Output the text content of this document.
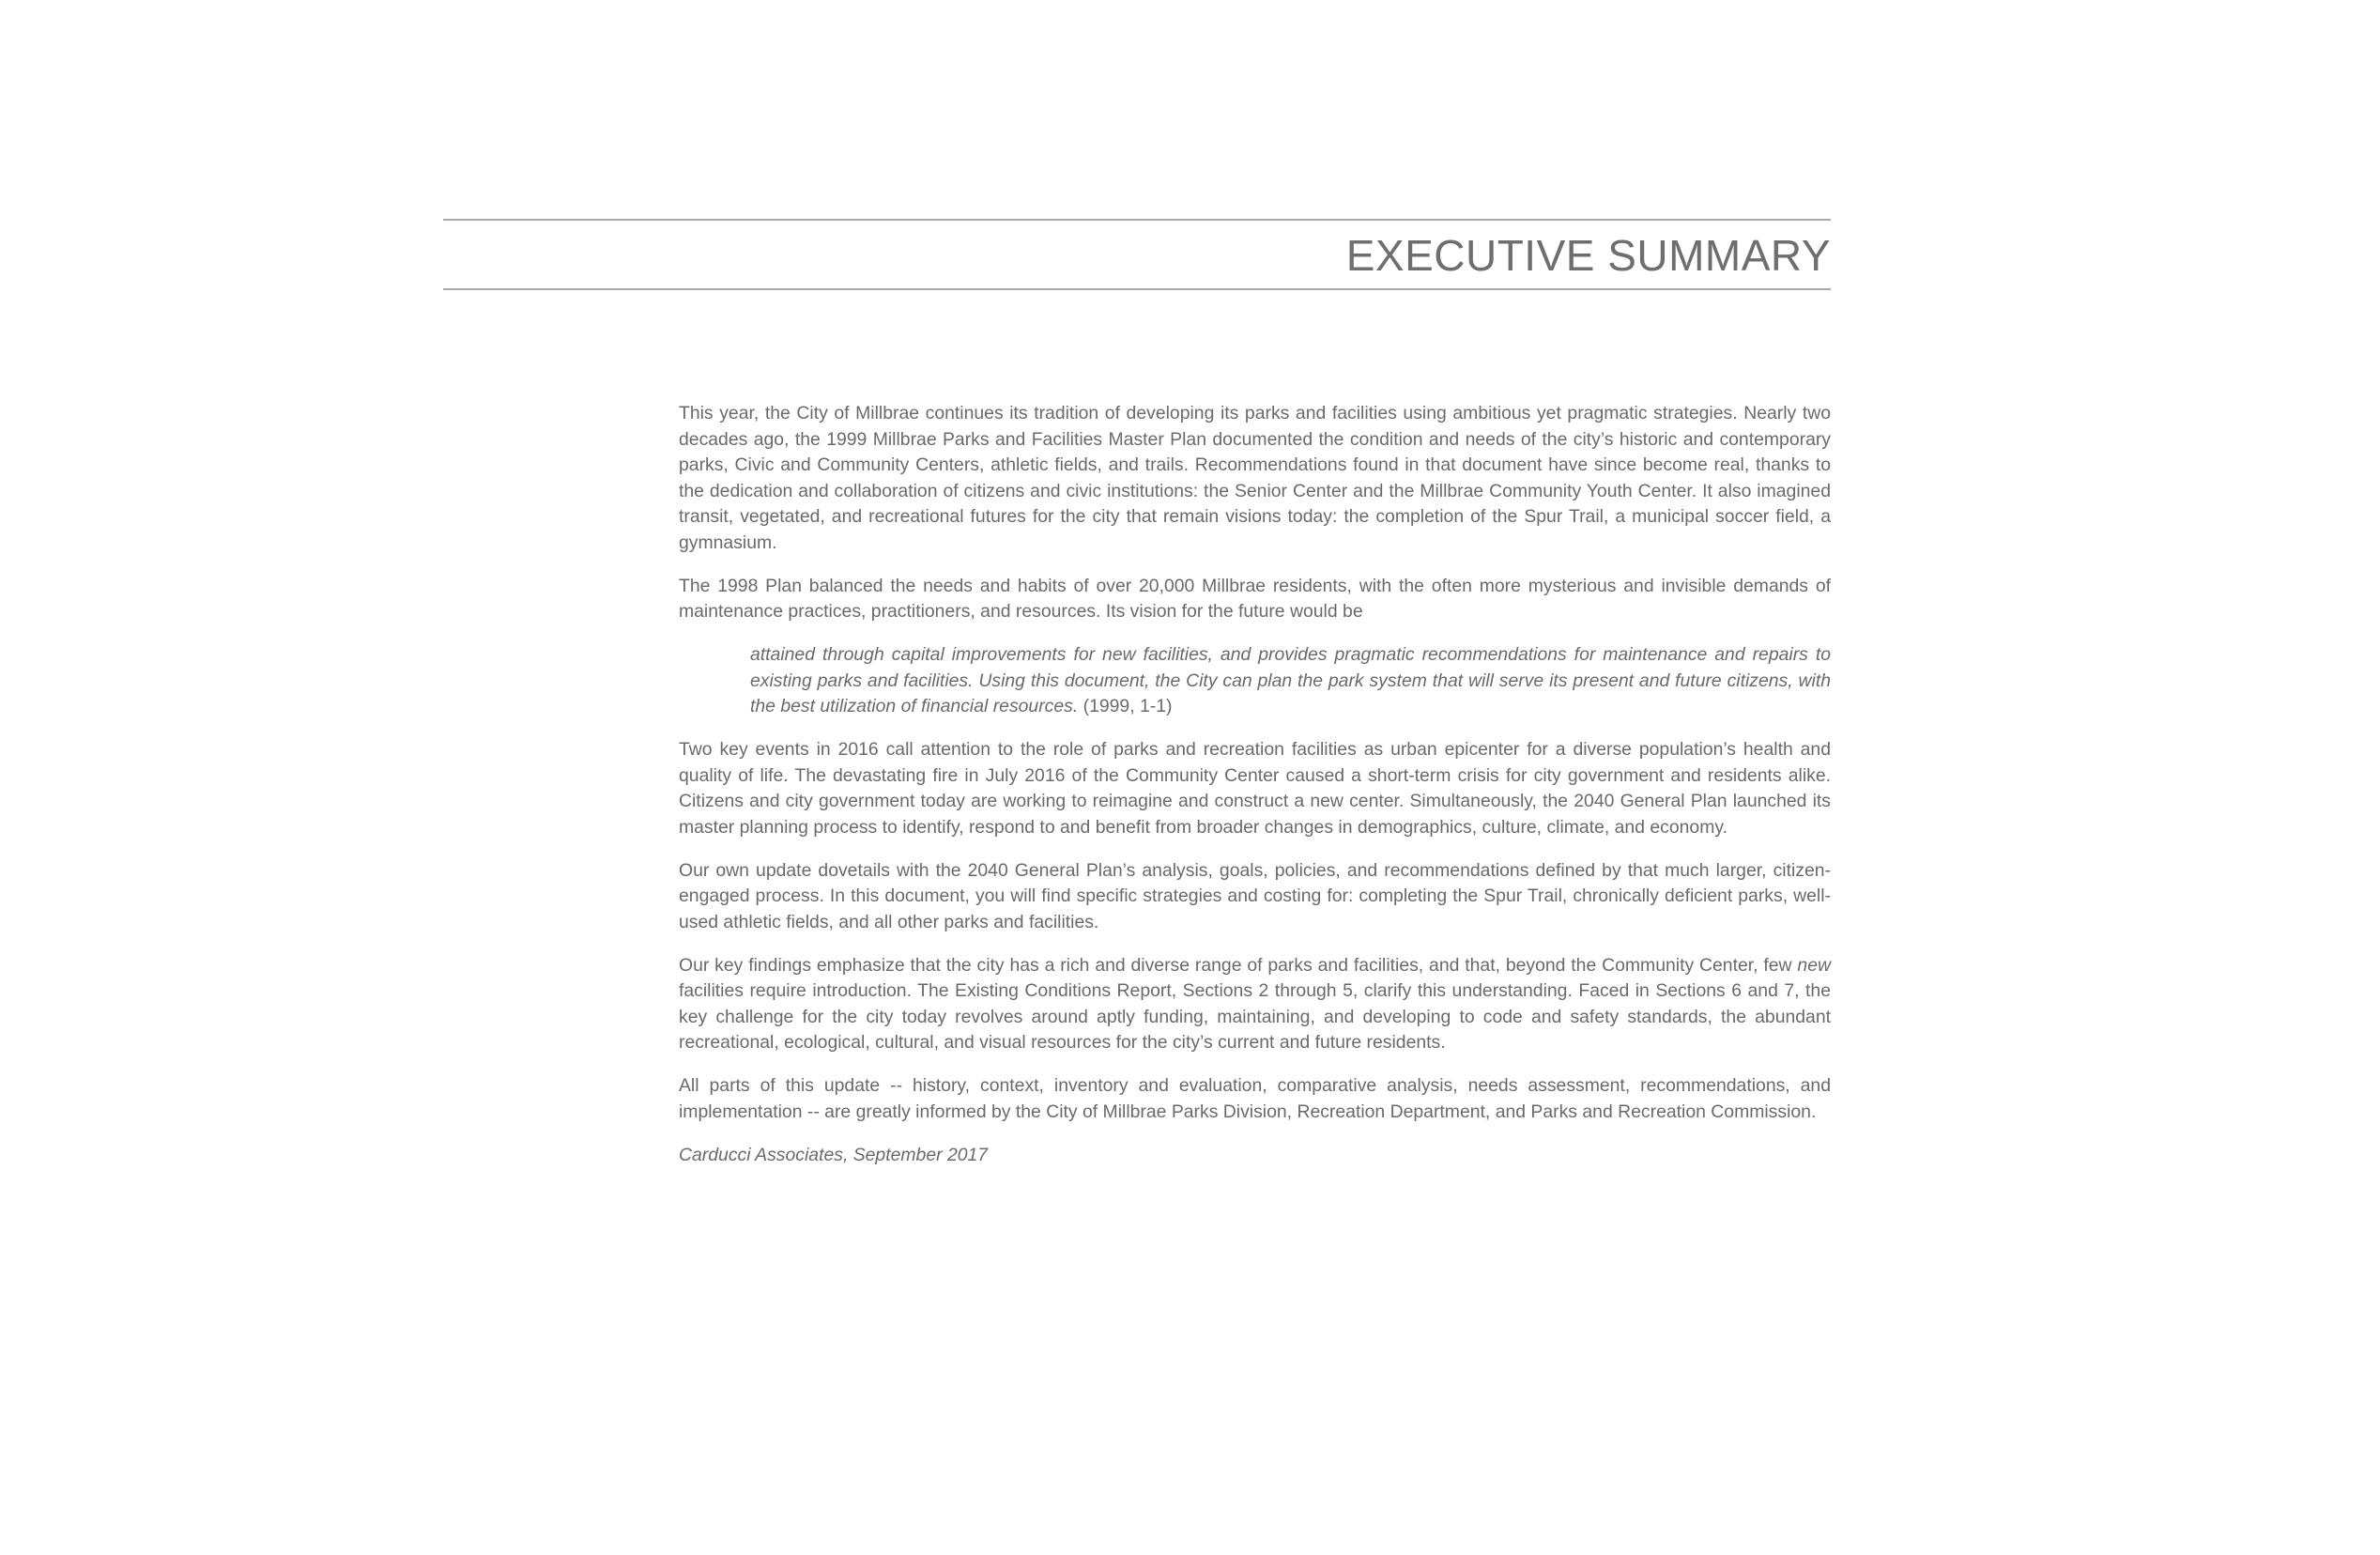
EXECUTIVE SUMMARY

This year, the City of Millbrae continues its tradition of developing its parks and facilities using ambitious yet pragmatic strategies. Nearly two decades ago, the 1999 Millbrae Parks and Facilities Master Plan documented the condition and needs of the city’s historic and contemporary parks, Civic and Community Centers, athletic fields, and trails. Recommendations found in that document have since become real, thanks to the dedication and collaboration of citizens and civic institutions: the Senior Center and the Millbrae Community Youth Center. It also imagined transit, vegetated, and recreational futures for the city that remain visions today: the completion of the Spur Trail, a municipal soccer field, a gymnasium.

The 1998 Plan balanced the needs and habits of over 20,000 Millbrae residents, with the often more mysterious and invisible demands of maintenance practices, practitioners, and resources. Its vision for the future would be

attained through capital improvements for new facilities, and provides pragmatic recommendations for maintenance and repairs to existing parks and facilities. Using this document, the City can plan the park system that will serve its present and future citizens, with the best utilization of financial resources. (1999, 1-1)

Two key events in 2016 call attention to the role of parks and recreation facilities as urban epicenter for a diverse population’s health and quality of life. The devastating fire in July 2016 of the Community Center caused a short-term crisis for city government and residents alike. Citizens and city government today are working to reimagine and construct a new center. Simultaneously, the 2040 General Plan launched its master planning process to identify, respond to and benefit from broader changes in demographics, culture, climate, and economy.

Our own update dovetails with the 2040 General Plan’s analysis, goals, policies, and recommendations defined by that much larger, citizen-engaged process. In this document, you will find specific strategies and costing for: completing the Spur Trail, chronically deficient parks, well-used athletic fields, and all other parks and facilities.

Our key findings emphasize that the city has a rich and diverse range of parks and facilities, and that, beyond the Community Center, few new facilities require introduction. The Existing Conditions Report, Sections 2 through 5, clarify this understanding. Faced in Sections 6 and 7, the key challenge for the city today revolves around aptly funding, maintaining, and developing to code and safety standards, the abundant recreational, ecological, cultural, and visual resources for the city’s current and future residents.

All parts of this update -- history, context, inventory and evaluation, comparative analysis, needs assessment, recommendations, and implementation -- are greatly informed by the City of Millbrae Parks Division, Recreation Department, and Parks and Recreation Commission.

Carducci Associates, September 2017
